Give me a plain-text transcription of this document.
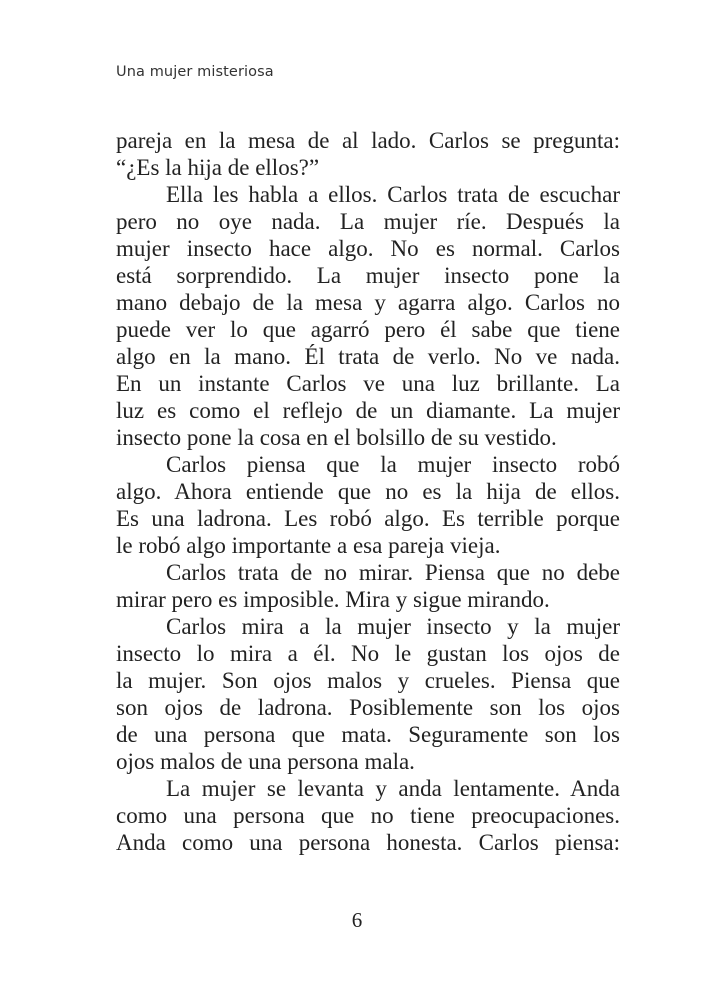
Una mujer misteriosa
pareja en la mesa de al lado. Carlos se pregunta:
“¿Es la hija de ellos?”
Ella les habla a ellos. Carlos trata de escuchar
pero no oye nada. La mujer ríe. Después la
mujer insecto hace algo. No es normal. Carlos
está sorprendido. La mujer insecto pone la
mano debajo de la mesa y agarra algo. Carlos no
puede ver lo que agarró pero él sabe que tiene
algo en la mano. Él trata de verlo. No ve nada.
En un instante Carlos ve una luz brillante. La
luz es como el reflejo de un diamante. La mujer
insecto pone la cosa en el bolsillo de su vestido.
Carlos piensa que la mujer insecto robó
algo. Ahora entiende que no es la hija de ellos.
Es una ladrona. Les robó algo. Es terrible porque
le robó algo importante a esa pareja vieja.
Carlos trata de no mirar. Piensa que no debe
mirar pero es imposible. Mira y sigue mirando.
Carlos mira a la mujer insecto y la mujer
insecto lo mira a él. No le gustan los ojos de
la mujer. Son ojos malos y crueles. Piensa que
son ojos de ladrona. Posiblemente son los ojos
de una persona que mata. Seguramente son los
ojos malos de una persona mala.
La mujer se levanta y anda lentamente. Anda
como una persona que no tiene preocupaciones.
Anda como una persona honesta. Carlos piensa:
6
